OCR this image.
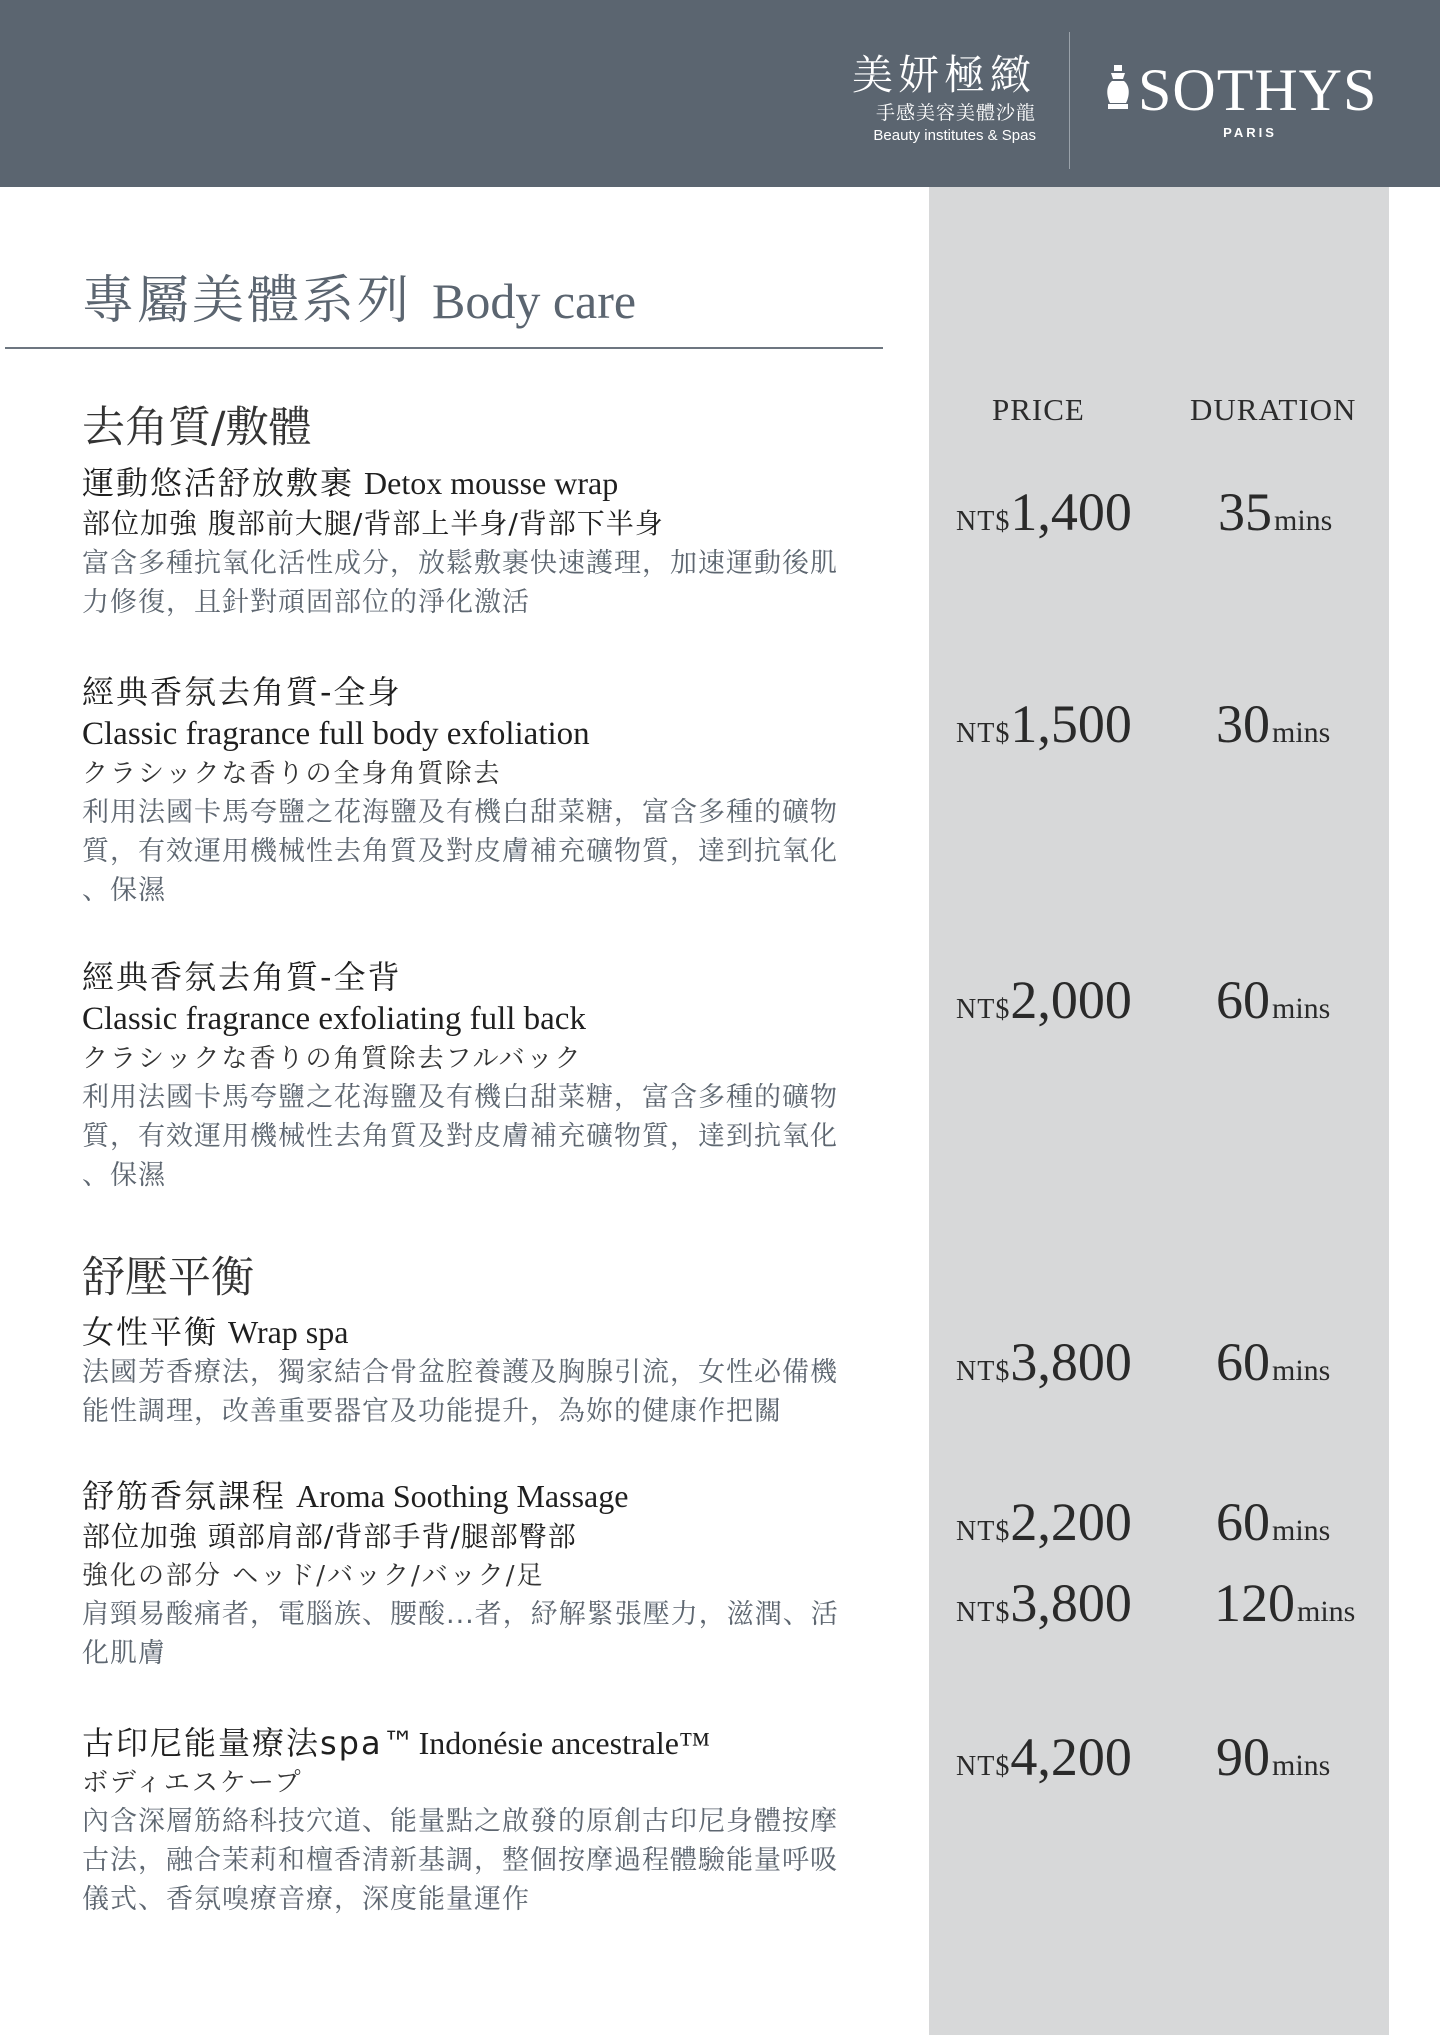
美妍極緻
手感美容美體沙龍
Beauty institutes & Spas
SOTHYS
PARIS
專屬美體系列 Body care
PRICE	DURATION
去角質/敷體
運動悠活舒放敷裹 Detox mousse wrap
部位加強 腹部前大腿/背部上半身/背部下半身
富含多種抗氧化活性成分，放鬆敷裹快速護理，加速運動後肌
力修復，且針對頑固部位的淨化激活
經典香氛去角質-全身
Classic fragrance full body exfoliation
クラシックな香りの全身角質除去
利用法國卡馬夸鹽之花海鹽及有機白甜菜糖，富含多種的礦物
質，有效運用機械性去角質及對皮膚補充礦物質，達到抗氧化
、保濕
經典香氛去角質-全背
Classic fragrance exfoliating full back
クラシックな香りの角質除去フルバック
利用法國卡馬夸鹽之花海鹽及有機白甜菜糖，富含多種的礦物
質，有效運用機械性去角質及對皮膚補充礦物質，達到抗氧化
、保濕
舒壓平衡
女性平衡 Wrap spa
法國芳香療法，獨家結合骨盆腔養護及胸腺引流，女性必備機
能性調理，改善重要器官及功能提升，為妳的健康作把關
舒筋香氛課程 Aroma Soothing Massage
部位加強 頭部肩部/背部手背/腿部臀部
強化の部分 ヘッド/バック/バック/足
肩頸易酸痛者，電腦族、腰酸...者，紓解緊張壓力，滋潤、活
化肌膚
古印尼能量療法spa™Indonésie ancestrale™
ボディエスケープ
內含深層筋絡科技穴道、能量點之啟發的原創古印尼身體按摩
古法，融合茉莉和檀香清新基調，整個按摩過程體驗能量呼吸
儀式、香氛嗅療音療，深度能量運作
NT$1,400 35mins
NT$1,500 30mins
NT$2,000 60mins
NT$3,800 60mins
NT$2,200 60mins
NT$3,800 120mins
NT$4,200 90mins
